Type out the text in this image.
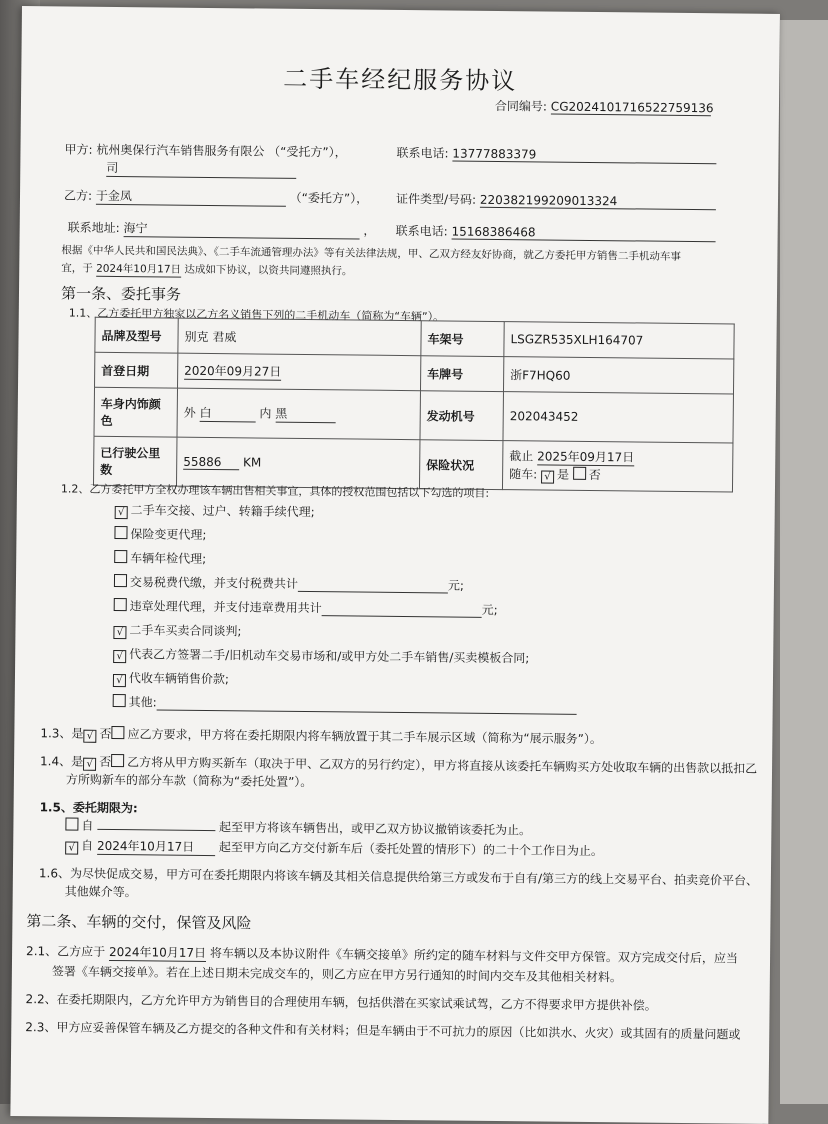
二手车经纪服务协议
合同编号: CG2024101716522759136
甲方: 杭州奥保行汽车销售服务有限公 （“受托方”），
司
联系电话: 13777883379
乙方: 于金凤	（“委托方”）， 证件类型/号码: 220382199209013324
联系地址: 海宁	， 联系电话: 15168386468
根据《中华人民共和国民法典》、《二手车流通管理办法》等有关法律法规，甲、乙双方经友好协商，就乙方委托甲方销售二手机动车事
宜，于 2024年10月17日 达成如下协议，以资共同遵照执行。
第一条、委托事务
1.1、乙方委托甲方独家以乙方名义销售下列的二手机动车（简称为“车辆”）。
品牌及型号	别克 君威	车架号	LSGZR535XLH164707
首登日期	2020年09月27日	车牌号	浙F7HQ60
车身内饰颜色	外 白 内 黑	发动机号	202043452
已行驶公里数	55886 KM	保险状况	截止 2025年09月17日
随车: √ 是 否
1.2、乙方委托甲方全权办理该车辆出售相关事宜，具体的授权范围包括以下勾选的项目:
√ 二手车交接、过户、转籍手续代理;
保险变更代理;
车辆年检代理;
交易税费代缴，并支付税费共计	元;
违章处理代理，并支付违章费用共计	元;
√ 二手车买卖合同谈判;
√ 代表乙方签署二手/旧机动车交易市场和/或甲方处二手车销售/买卖模板合同;
√ 代收车辆销售价款;
其他:
1.3、是 √ 否 应乙方要求，甲方将在委托期限内将车辆放置于其二手车展示区域（简称为“展示服务”）。
1.4、是 √ 否 乙方将从甲方购买新车（取决于甲、乙双方的另行约定），甲方将直接从该委托车辆购买方处收取车辆的出售款以抵扣乙
方所购新车的部分车款（简称为“委托处置”）。
1.5、委托期限为:
自	起至甲方将该车辆售出，或甲乙双方协议撤销该委托为止。
√ 自 2024年10月17日 起至甲方向乙方交付新车后（委托处置的情形下）的二十个工作日为止。
1.6、为尽快促成交易，甲方可在委托期限内将该车辆及其相关信息提供给第三方或发布于自有/第三方的线上交易平台、拍卖竞价平台、
其他媒介等。
第二条、车辆的交付，保管及风险
2.1、乙方应于 2024年10月17日 将车辆以及本协议附件《车辆交接单》所约定的随车材料与文件交甲方保管。双方完成交付后，应当
签署《车辆交接单》。若在上述日期未完成交车的，则乙方应在甲方另行通知的时间内交车及其他相关材料。
2.2、在委托期限内，乙方允许甲方为销售目的合理使用车辆，包括供潜在买家试乘试驾，乙方不得要求甲方提供补偿。
2.3、甲方应妥善保管车辆及乙方提交的各种文件和有关材料；但是车辆由于不可抗力的原因（比如洪水、火灾）或其固有的质量问题或
